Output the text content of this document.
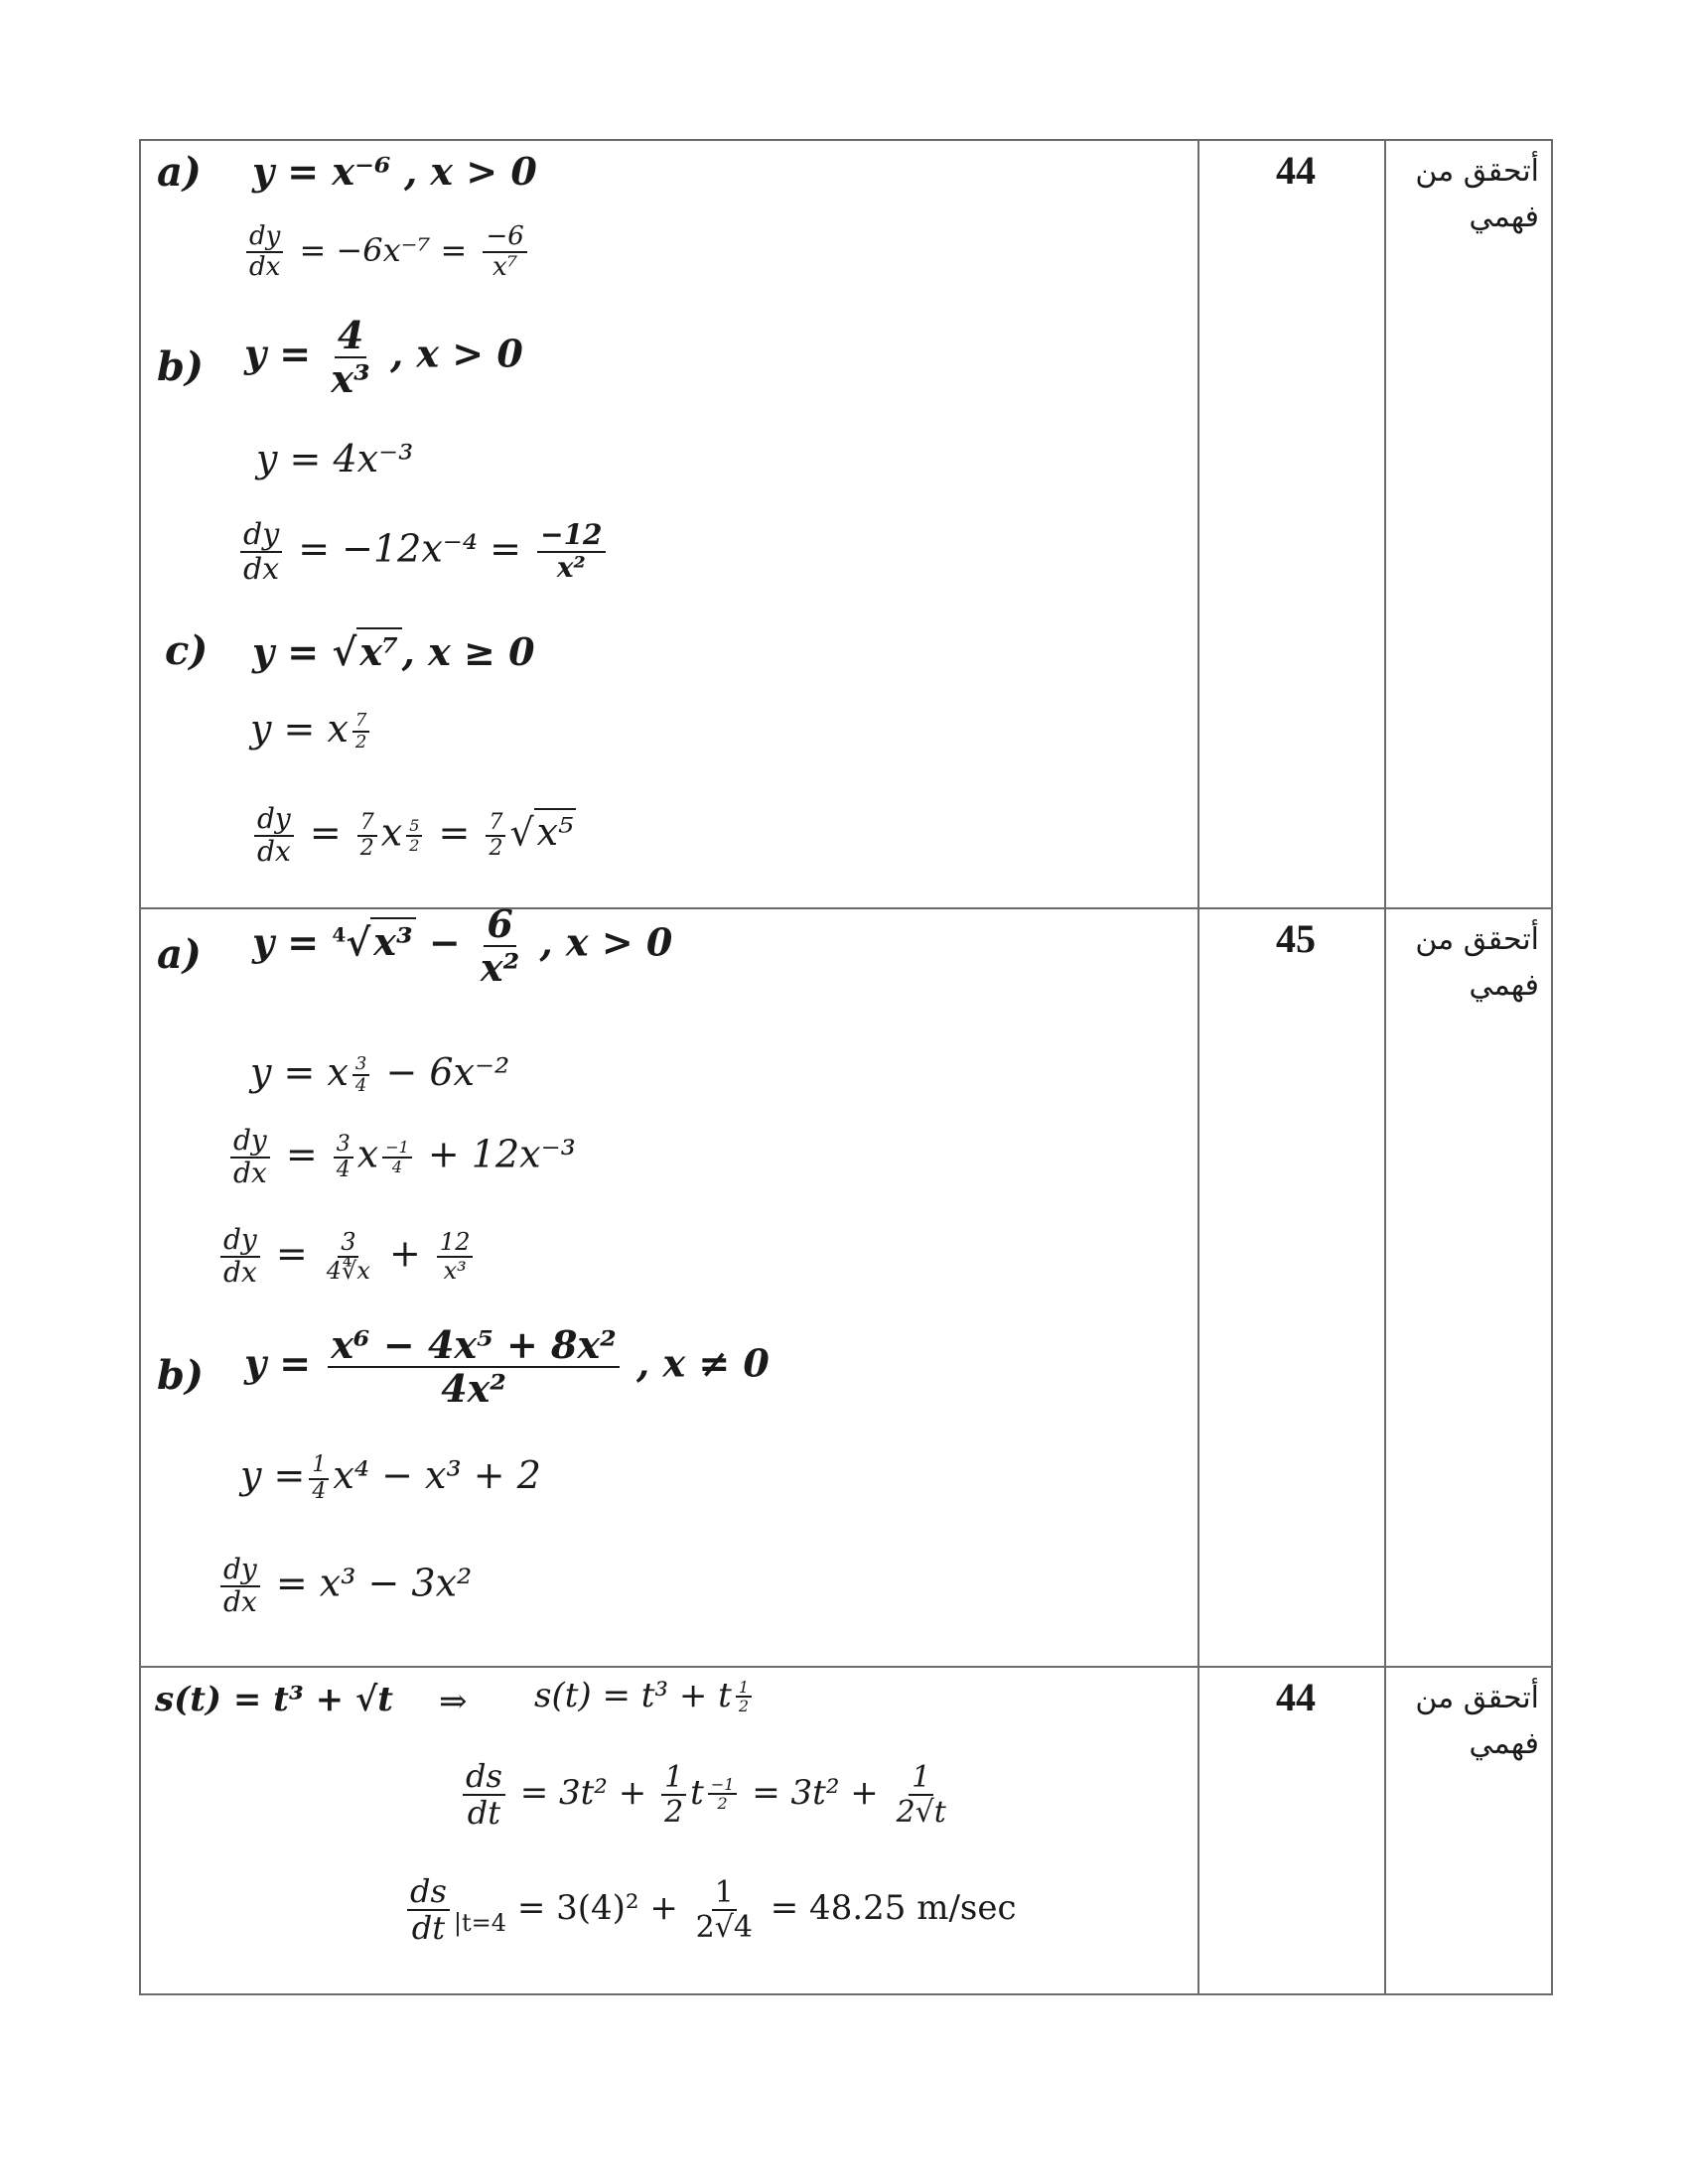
44	أتحقق من
فهمي
a) y = x⁻⁶ , x > 0
$\frac{dy}{dx} = -6x^{-7} = \frac{-6}{\text{x⁷}}$
b) $y = \frac{4}{\text{x³}}$ , x > 0
y = 4x⁻³
$\frac{dy}{dx} = -12x^{-4} = \frac{-12}{\text{x²}}$
c) y = √x⁷, x ≥ 0
y = x $\frac{7}{2}$
$\frac{dy}{dx} = \frac{7}{2}$ x $\frac{5}{2} = \frac{7}{2} √x^5$
45	أتحقق من
فهمي
a) $y = ^4√x^3 - \frac{6}{\text{x²}}$ , x > 0
y = x $\frac{3}{4} - 6x^{-2}$
$\frac{dy}{dx} = \frac{3}{4}$ x $\frac{-1}{4} + 12x^{-3}$
$\frac{dy}{dx} = \frac{3}{4∜x} + \frac{12}{\text{x³}}$
b) $y = \frac{\text{x⁶ − 4x⁵ + 8x²}}{\text{4x²}}$ , x ≠ 0
$y = \frac{1}{4} x^4 - x^3 + 2$
$\frac{dy}{dx} = x^3 - 3x^2$
44	أتحقق من
فهمي
s(t) = t³ + √t ⇒ s(t) = t³ + t $\frac{1}{2}$
$\frac{ds}{dt} = 3t^2 + \frac{1}{2}$ t $\frac{-1}{2} = 3t^2 + \frac{1}{2√t}$
$\frac{ds}{dt} _{|t=4} = 3(4)^2 + \frac{1}{2√4} = 48.25$ m/sec
